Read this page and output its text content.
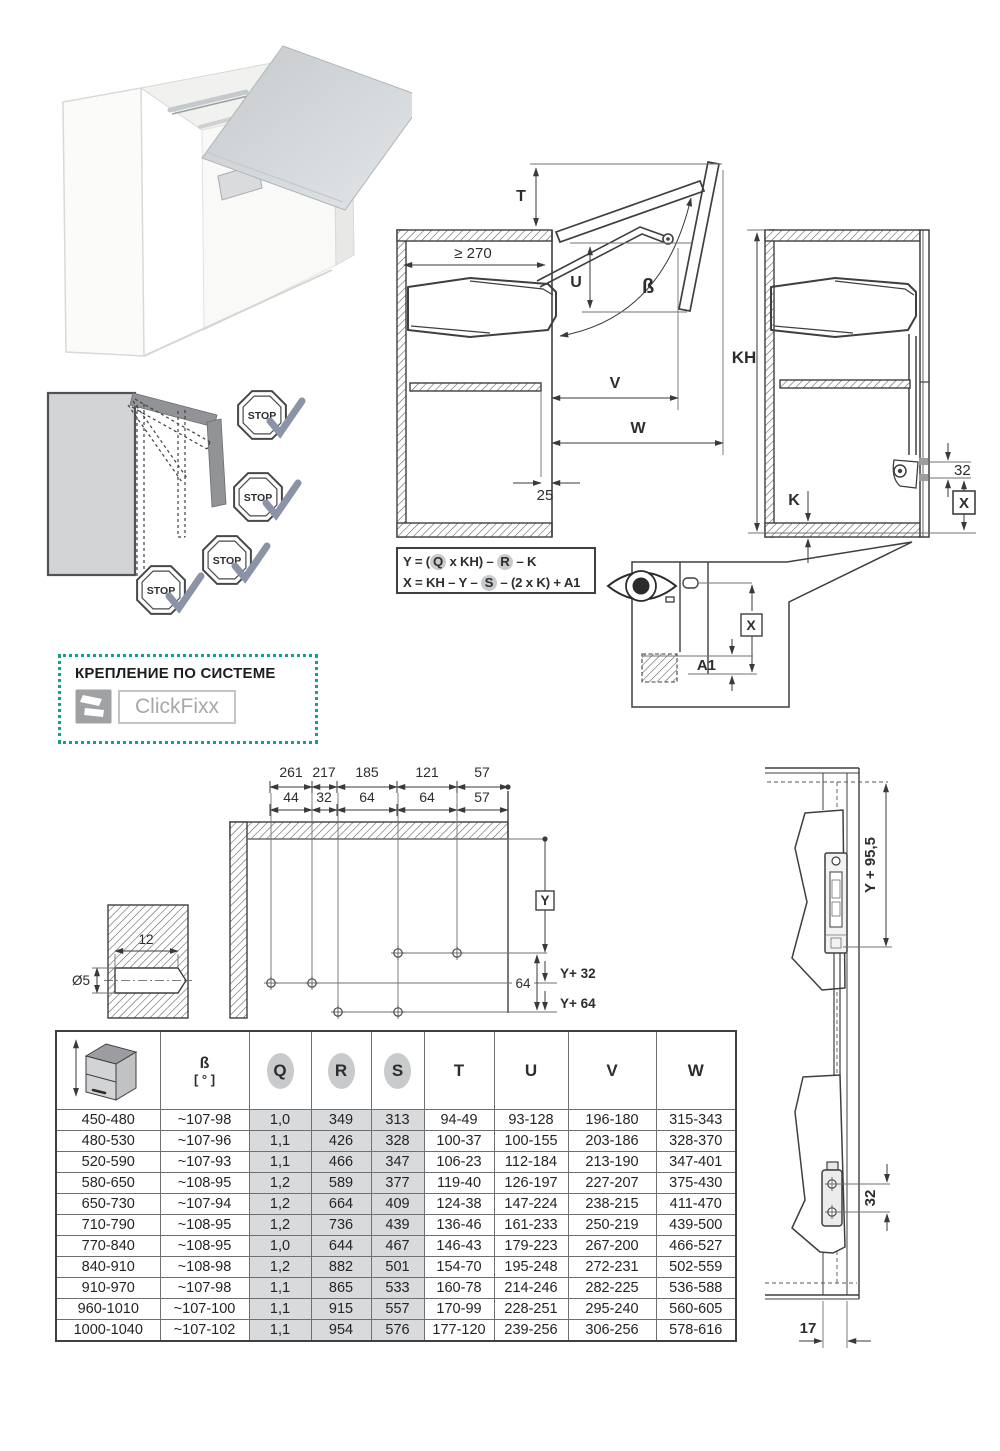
STOP
STOP
STOP
STOP
≥ 270
ß
U
T
V
W
25	K
KH
32
X
X
A1
Y = ( Q x KH) – R – K
X = KH – Y – S – (2 x K) + A1
КРЕПЛЕНИЕ ПО СИСТЕМЕ
ClickFixx
261 217 185	121	57
44 32 64	64	57
Y
Y+ 32
Y+ 64
64
12
Ø5
Y + 95,5
32
17

ß
[ ° ]	Q	R	S	T	U	V	W
450-480	~107-98	1,0	349	313	94-49	93-128	196-180	315-343
480-530	~107-96	1,1	426	328	100-37	100-155	203-186	328-370
520-590	~107-93	1,1	466	347	106-23	112-184	213-190	347-401
580-650	~108-95	1,2	589	377	119-40	126-197	227-207	375-430
650-730	~107-94	1,2	664	409	124-38	147-224	238-215	411-470
710-790	~108-95	1,2	736	439	136-46	161-233	250-219	439-500
770-840	~108-95	1,0	644	467	146-43	179-223	267-200	466-527
840-910	~108-98	1,2	882	501	154-70	195-248	272-231	502-559
910-970	~107-98	1,1	865	533	160-78	214-246	282-225	536-588
960-1010	~107-100	1,1	915	557	170-99	228-251	295-240	560-605
1000-1040	~107-102	1,1	954	576	177-120	239-256	306-256	578-616
